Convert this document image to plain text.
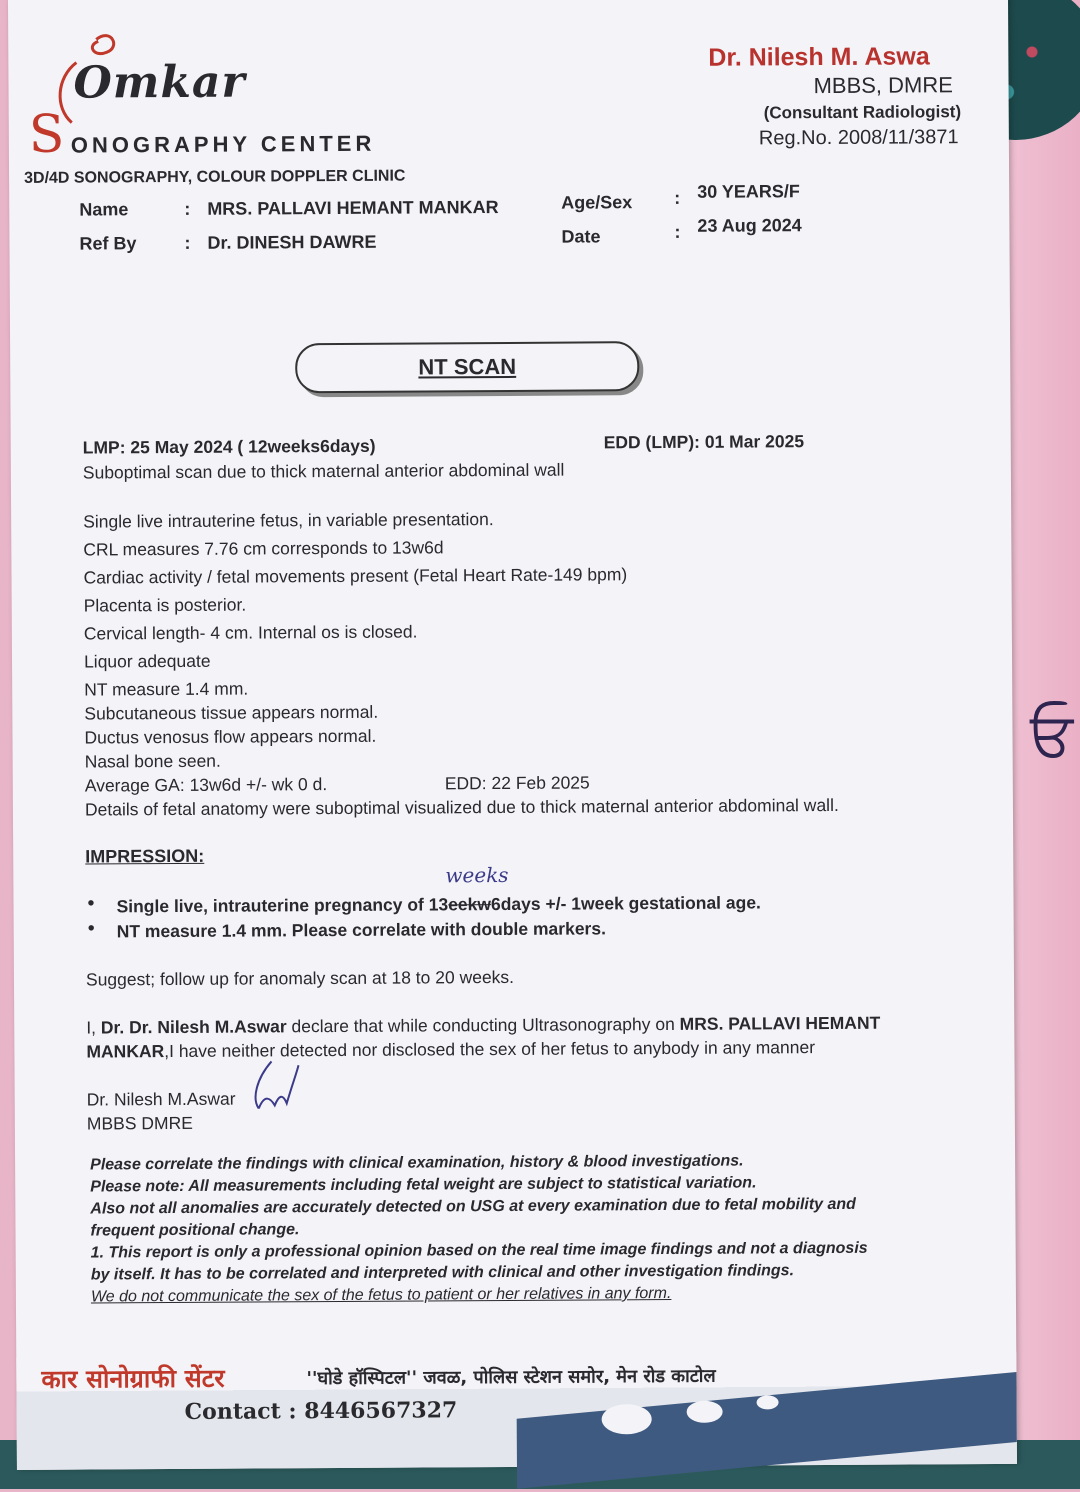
ਓ
Omkar
S ONOGRAPHY CENTER
3D/4D SONOGRAPHY, COLOUR DOPPLER CLINIC
Dr. Nilesh M. Aswa
MBBS, DMRE
(Consultant Radiologist)
Reg.No. 2008/11/3871
Name	: MRS. PALLAVI HEMANT MANKAR
Ref By	: Dr. DINESH DAWRE
Age/Sex : 30 YEARS/F
Date	: 23 Aug 2024
NT SCAN
LMP: 25 May 2024 ( 12weeks6days)	EDD (LMP): 01 Mar 2025
Suboptimal scan due to thick maternal anterior abdominal wall
Single live intrauterine fetus, in variable presentation.
CRL measures 7.76 cm corresponds to 13w6d
Cardiac activity / fetal movements present (Fetal Heart Rate-149 bpm)
Placenta is posterior.
Cervical length- 4 cm. Internal os is closed.
Liquor adequate
NT measure 1.4 mm.
Subcutaneous tissue appears normal.
Ductus venosus flow appears normal.
Nasal bone seen.
Average GA: 13w6d +/- wk 0 d.	EDD: 22 Feb 2025
Details of fetal anatomy were suboptimal visualized due to thick maternal anterior abdominal wall.
IMPRESSION:
weeks
• Single live, intrauterine pregnancy of 13eekw6days +/- 1week gestational age.
• NT measure 1.4 mm. Please correlate with double markers.
Suggest; follow up for anomaly scan at 18 to 20 weeks.
I, Dr. Dr. Nilesh M.Aswar declare that while conducting Ultrasonography on MRS. PALLAVI HEMANT
MANKAR,I have neither detected nor disclosed the sex of her fetus to anybody in any manner
Dr. Nilesh M.Aswar
MBBS DMRE
Please correlate the findings with clinical examination, history & blood investigations.
Please note: All measurements including fetal weight are subject to statistical variation.
Also not all anomalies are accurately detected on USG at every examination due to fetal mobility and
frequent positional change.
1. This report is only a professional opinion based on the real time image findings and not a diagnosis
by itself. It has to be correlated and interpreted with clinical and other investigation findings.
We do not communicate the sex of the fetus to patient or her relatives in any form.
कार सोनोग्राफी सेंटर	''घोडे हॉस्पिटल'' जवळ, पोलिस स्टेशन समोर, मेन रोड काटोल
Contact : 8446567327
